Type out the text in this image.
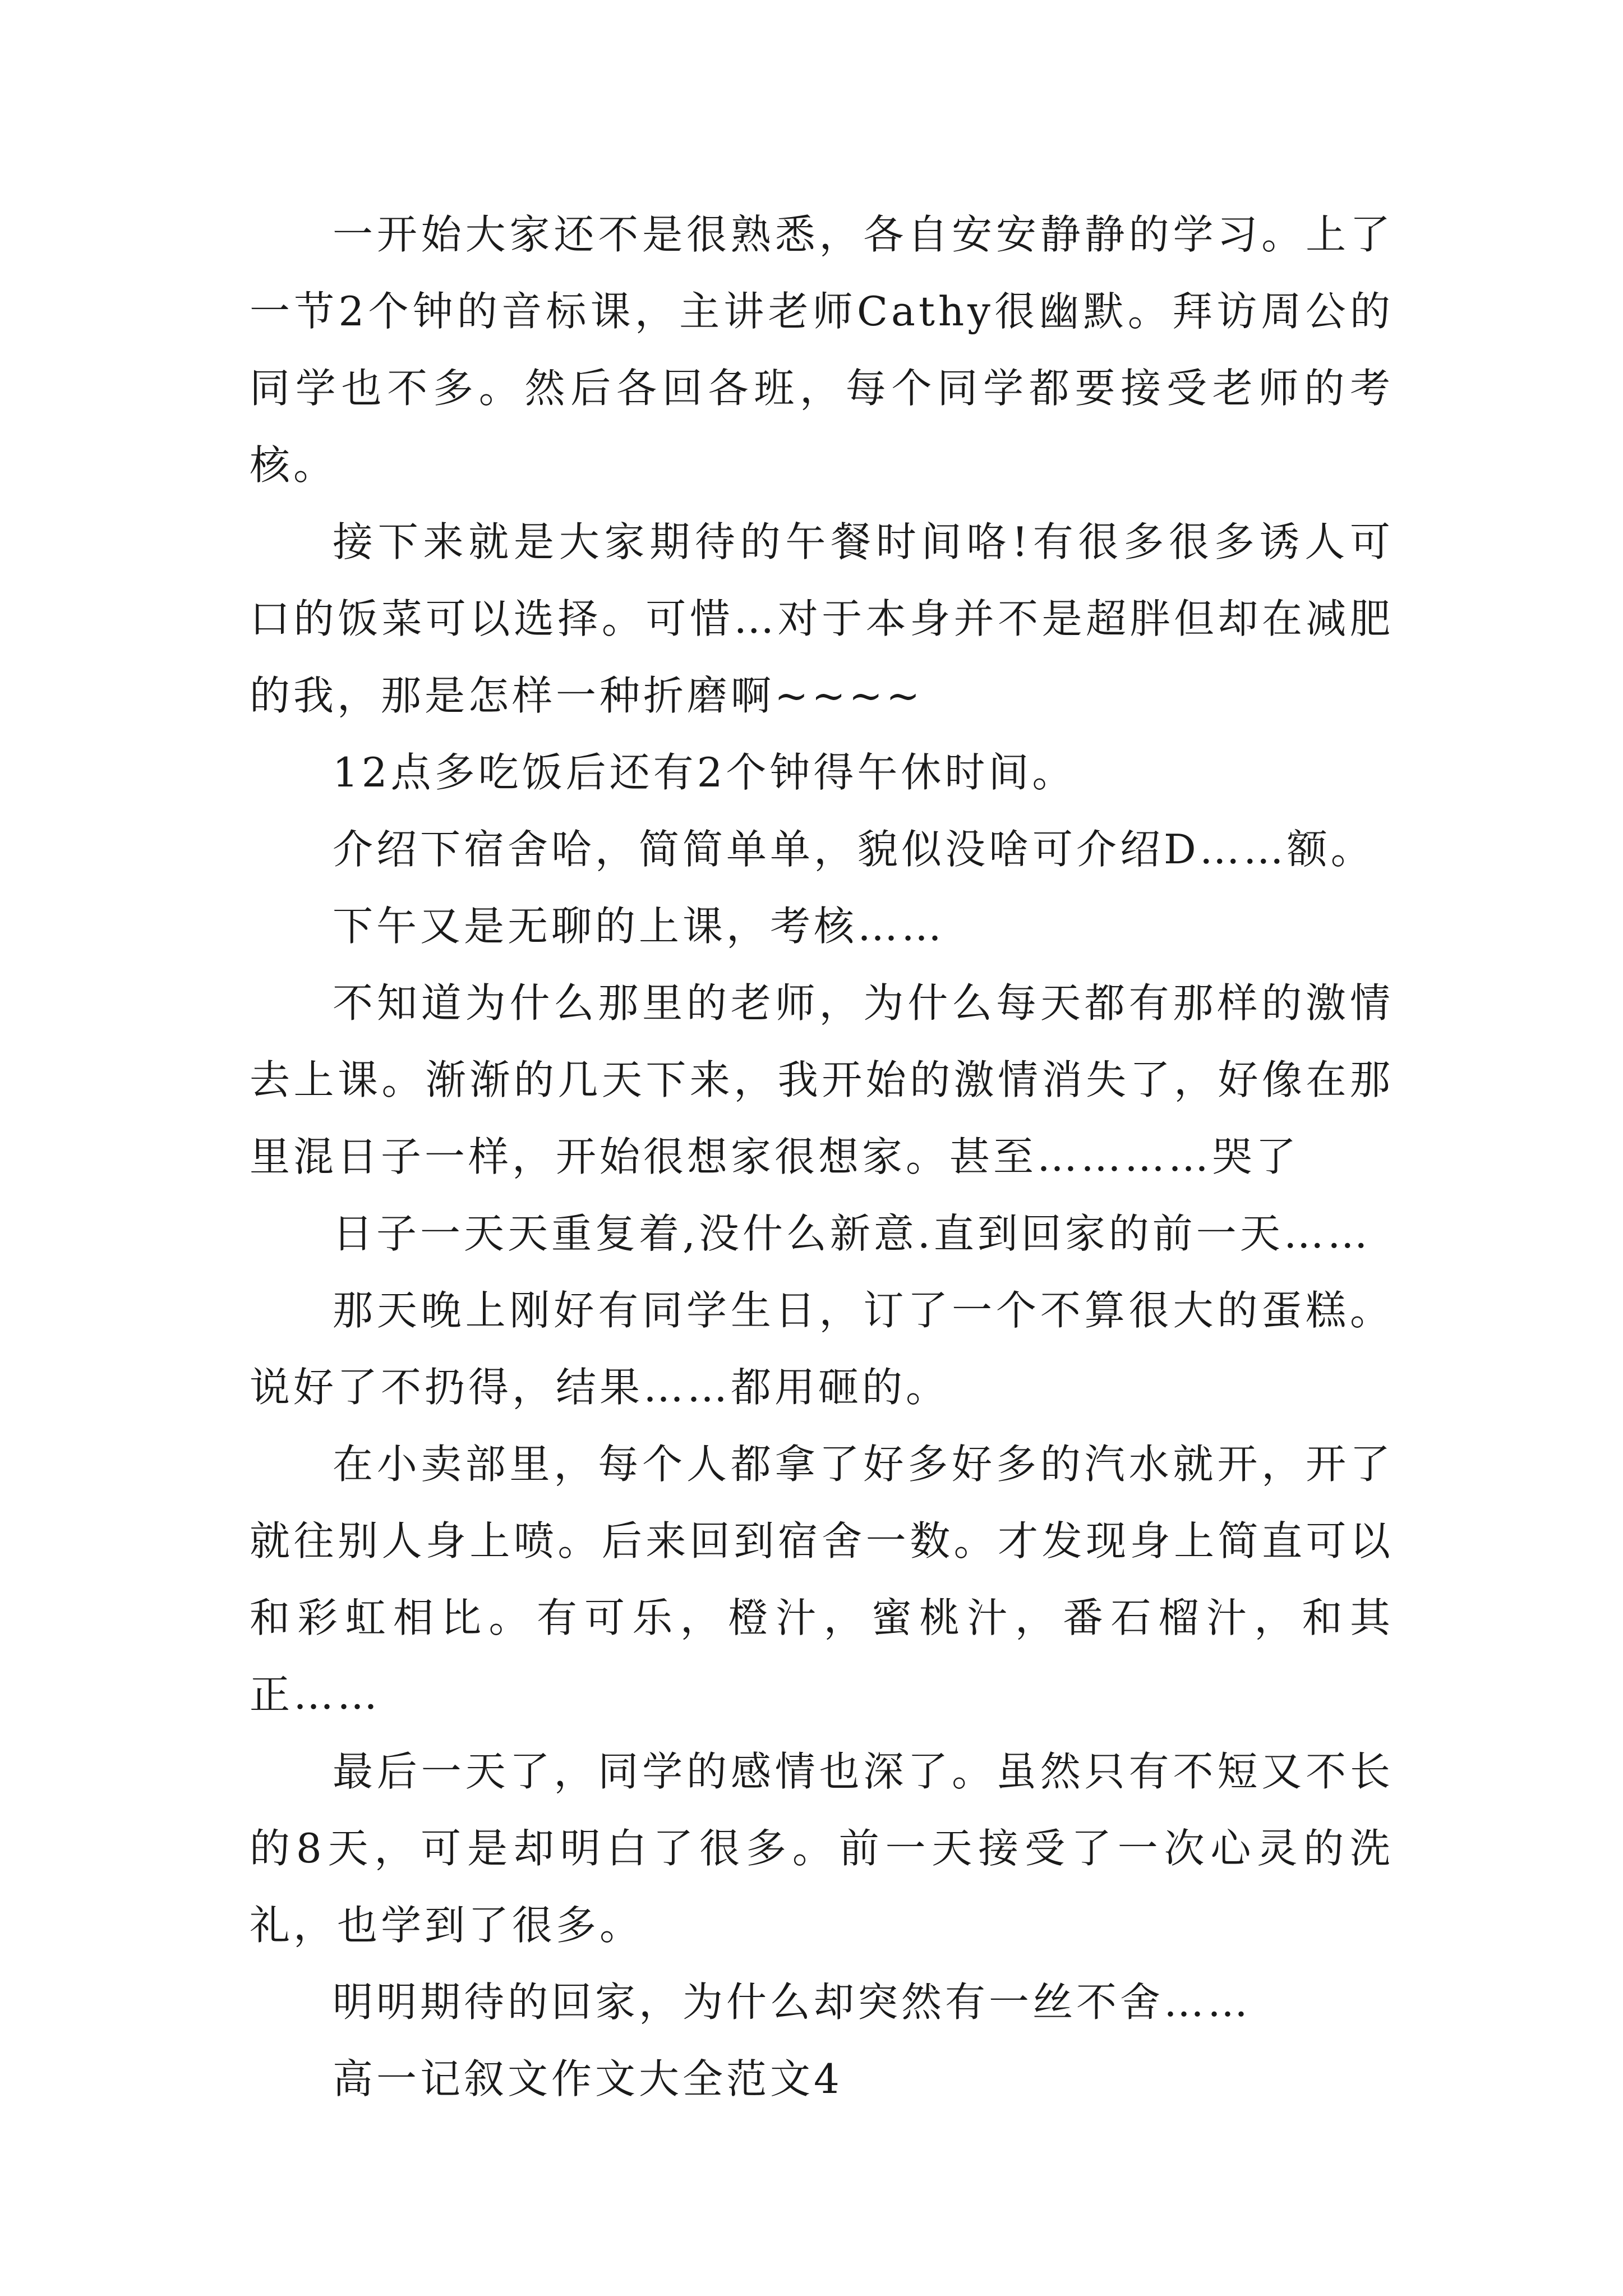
一开始大家还不是很熟悉，各自安安静静的学习。上了一节2个钟的音标课，主讲老师Cathy很幽默。拜访周公的同学也不多。然后各回各班，每个同学都要接受老师的考核。

接下来就是大家期待的午餐时间咯!有很多很多诱人可口的饭菜可以选择。可惜…对于本身并不是超胖但却在减肥的我，那是怎样一种折磨啊~~~~

12点多吃饭后还有2个钟得午休时间。

介绍下宿舍哈，简简单单，貌似没啥可介绍D……额。

下午又是无聊的上课，考核……

不知道为什么那里的老师，为什么每天都有那样的激情去上课。渐渐的几天下来，我开始的激情消失了，好像在那里混日子一样，开始很想家很想家。甚至…………哭了

日子一天天重复着,没什么新意.直到回家的前一天……

那天晚上刚好有同学生日，订了一个不算很大的蛋糕。说好了不扔得，结果……都用砸的。

在小卖部里，每个人都拿了好多好多的汽水就开，开了就往别人身上喷。后来回到宿舍一数。才发现身上简直可以和彩虹相比。有可乐，橙汁，蜜桃汁，番石榴汁，和其正……

最后一天了，同学的感情也深了。虽然只有不短又不长的8天，可是却明白了很多。前一天接受了一次心灵的洗礼，也学到了很多。

明明期待的回家，为什么却突然有一丝不舍……

高一记叙文作文大全范文4
